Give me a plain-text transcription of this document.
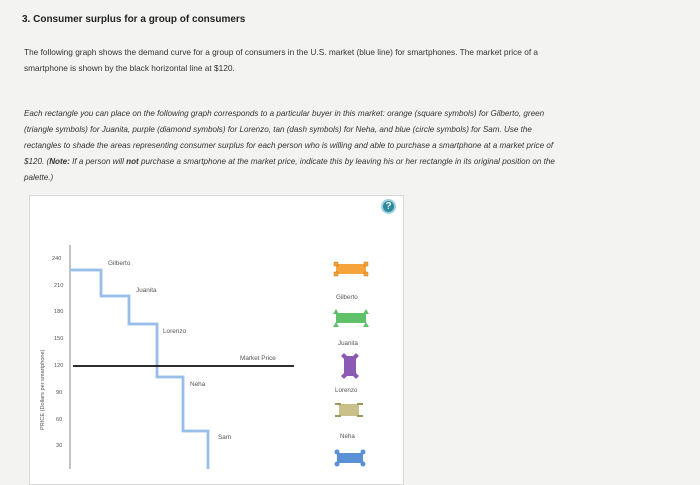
3. Consumer surplus for a group of consumers
The following graph shows the demand curve for a group of consumers in the U.S. market (blue line) for smartphones. The market price of a
smartphone is shown by the black horizontal line at $120.
Each rectangle you can place on the following graph corresponds to a particular buyer in this market: orange (square symbols) for Gilberto, green
(triangle symbols) for Juanita, purple (diamond symbols) for Lorenzo, tan (dash symbols) for Neha, and blue (circle symbols) for Sam. Use the
rectangles to shade the areas representing consumer surplus for each person who is willing and able to purchase a smartphone at a market price of
$120. (Note: If a person will not purchase a smartphone at the market price, indicate this by leaving his or her rectangle in its original position on the
palette.)
?
PRICE (Dollars per smartphone)
240
210
180
150
120
90
60
30
Gilberto
Juanita
Lorenzo
Neha
Sam
Market Price
Gilberto
Juanita
Lorenzo
Neha
